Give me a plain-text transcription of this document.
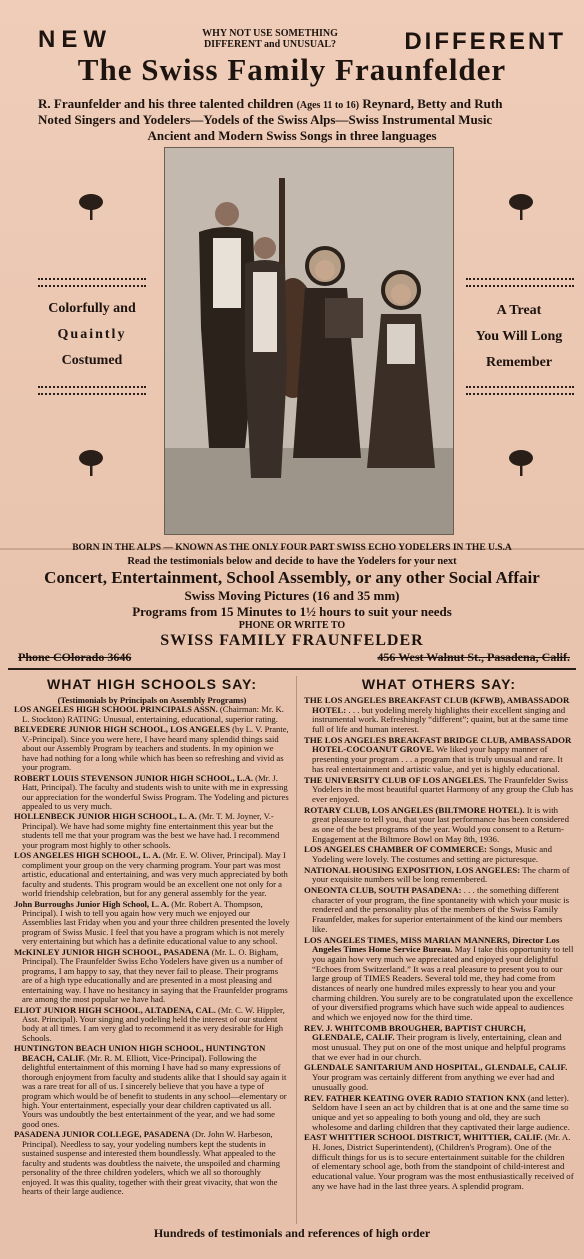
NEW	WHY NOT USE SOMETHING
DIFFERENT and UNUSUAL?	DIFFERENT
The Swiss Family Fraunfelder
R. Fraunfelder and his three talented children (Ages 11 to 16) Reynard, Betty and Ruth
Noted Singers and Yodelers—Yodels of the Swiss Alps—Swiss Instrumental Music
Ancient and Modern Swiss Songs in three languages
Colorfully and
Quaintly
Costumed
A Treat
You Will Long
Remember
BORN IN THE ALPS — KNOWN AS THE ONLY FOUR PART SWISS ECHO YODELERS IN THE U.S.A
Read the testimonials below and decide to have the Yodelers for your next
Concert, Entertainment, School Assembly, or any other Social Affair
Swiss Moving Pictures (16 and 35 mm)
Programs from 15 Minutes to 1½ hours to suit your needs
PHONE OR WRITE TO
SWISS FAMILY FRAUNFELDER
Phone COlorado 3646	456 West Walnut St., Pasadena, Calif.
WHAT HIGH SCHOOLS SAY:
(Testimonials by Principals on Assembly Programs)
LOS ANGELES HIGH SCHOOL PRINCIPALS ASSN. (Chairman: Mr. K. L. Stockton) RATING: Unusual, entertaining, educational, superior rating.
BELVEDERE JUNIOR HIGH SCHOOL, LOS ANGELES (by L. V. Prante, V.-Principal). Since you were here, I have heard many splendid things said about our Assembly Program by teachers and students. In my opinion we have had nothing for a long while which has been so refreshing and vivid as your program.
ROBERT LOUIS STEVENSON JUNIOR HIGH SCHOOL, L.A. (Mr. J. Hatt, Principal). The faculty and students wish to unite with me in expressing our appreciation for the wonderful Swiss Program. The Yodeling and pictures appealed to us very much.
HOLLENBECK JUNIOR HIGH SCHOOL, L. A. (Mr. T. M. Joyner, V.-Principal). We have had some mighty fine entertainment this year but the students tell me that your program was the best we have had. I recommend your program most highly to other schools.
LOS ANGELES HIGH SCHOOL, L. A. (Mr. E. W. Oliver, Principal). May I compliment your group on the very charming program. Your part was most artistic, educational and entertaining, and was very much appreciated by both faculty and students. This program would be an excellent one not only for a world friendship celebration, but for any general assembly for the year.
John Burroughs Junior High School, L. A. (Mr. Robert A. Thompson, Principal). I wish to tell you again how very much we enjoyed our Assemblies last Friday when you and your three children presented the lovely program of Swiss Music. I feel that you have a program which is not merely very entertaining but which has a definite educational value to any school.
McKINLEY JUNIOR HIGH SCHOOL, PASADENA (Mr. L. O. Bigham, Principal). The Fraunfelder Swiss Echo Yodelers have given us a number of programs, I am happy to say, that they never fail to please. Their programs are of a high type educationally and are presented in a most pleasing and entertaining way. I have no hesitancy in saying that the Fraunfelder programs are among the most popular we have had.
ELIOT JUNIOR HIGH SCHOOL, ALTADENA, CAL. (Mr. C. W. Hippler, Asst. Principal). Your singing and yodeling held the interest of our student body at all times. I am very glad to recommend it as very desirable for High Schools.
HUNTINGTON BEACH UNION HIGH SCHOOL, HUNTINGTON BEACH, CALIF. (Mr. R. M. Elliott, Vice-Principal). Following the delightful entertainment of this morning I have had so many expressions of thorough enjoyment from faculty and students alike that I should say again it was a rare treat for all of us. I sincerely believe that you have a type of program which would be of benefit to students in any school—elementary or high. Your entertainment, especially your dear children captivated us all. Yours was undoubtly the best entertainment of the year, and we had some good ones.
PASADENA JUNIOR COLLEGE, PASADENA (Dr. John W. Harbeson, Principal). Needless to say, your yodeling numbers kept the students in sustained suspense and interested them boundlessly. What appealed to the faculty and students was doubtless the naivete, the unspoiled and charming personality of the three children yodelers, which we all so thoroughly enjoyed. It was this quality, together with their great vivacity, that won the hearts of their large audience.
WHAT OTHERS SAY:
THE LOS ANGELES BREAKFAST CLUB (KFWB), AMBASSADOR HOTEL: . . . but yodeling merely highlights their excellent singing and instrumental work. Refreshingly “different”; quaint, but at the same time full of life and human interest.
THE LOS ANGELES BREAKFAST BRIDGE CLUB, AMBASSADOR HOTEL-COCOANUT GROVE. We liked your happy manner of presenting your program . . . a program that is truly unusual and rare. It has real entertainment and artistic value, and yet is highly educational.
THE UNIVERSITY CLUB OF LOS ANGELES. The Fraunfelder Swiss Yodelers in the most beautiful quartet Harmony of any group the Club has ever enjoyed.
ROTARY CLUB, LOS ANGELES (BILTMORE HOTEL). It is with great pleasure to tell you, that your last performance has been considered as one of the best programs of the year. Would you consent to a Return-Engagement at the Biltmore Bowl on May 8th, 1936.
LOS ANGELES CHAMBER OF COMMERCE: Songs, Music and Yodeling were lovely. The costumes and setting are picturesque.
NATIONAL HOUSING EXPOSITION, LOS ANGELES: The charm of your exquisite numbers will be long remembered.
ONEONTA CLUB, SOUTH PASADENA: . . . the something different character of your program, the fine spontaneity with which your music is rendered and the personality plus of the members of the Swiss Family Fraunfelder, makes for superior entertainment of the kind our members like.
LOS ANGELES TIMES, MISS MARIAN MANNERS, Director Los Angeles Times Home Service Bureau. May I take this opportunity to tell you again how very much we appreciated and enjoyed your delightful “Echoes from Switzerland.” It was a real pleasure to present you to our large group of TIMES Readers. Several told me, they had come from distances of nearly one hundred miles expressly to hear you and your charming children. You surely are to be congratulated upon the excellence of your diversified programs which have such wide appeal to audiences and which we enjoyed now for the third time.
REV. J. WHITCOMB BROUGHER, BAPTIST CHURCH, GLENDALE, CALIF. Their program is lively, entertaining, clean and most unusual. They put on one of the most unique and helpful programs that we ever had in our church.
GLENDALE SANITARIUM AND HOSPITAL, GLENDALE, CALIF. Your program was certainly different from anything we ever had and unusually good.
REV. FATHER KEATING OVER RADIO STATION KNX (and letter). Seldom have I seen an act by children that is at one and the same time so unique and yet so appealing to both young and old, they are such wholesome and darling children that they captivated their large audience.
EAST WHITTIER SCHOOL DISTRICT, WHITTIER, CALIF. (Mr. A. H. Jones, District Superintendent), (Children's Program). One of the difficult things for us is to secure entertainment suitable for the children of elementary school age, both from the standpoint of child-interest and educational value. Your program was the most enthusiastically received of any we have had in the last three years. A splendid program.
Hundreds of testimonials and references of high order
